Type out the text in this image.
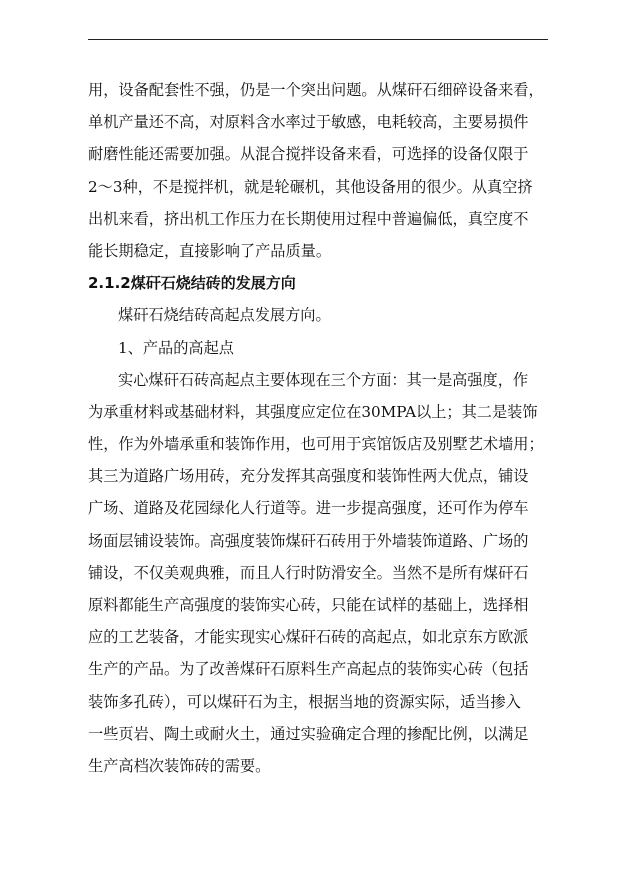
用，设备配套性不强，仍是一个突出问题。从煤矸石细碎设备来看，
单机产量还不高，对原料含水率过于敏感，电耗较高，主要易损件
耐磨性能还需要加强。从混合搅拌设备来看，可选择的设备仅限于
2～3种，不是搅拌机，就是轮碾机，其他设备用的很少。从真空挤
出机来看，挤出机工作压力在长期使用过程中普遍偏低，真空度不
能长期稳定，直接影响了产品质量。
2.1.2煤矸石烧结砖的发展方向
煤矸石烧结砖高起点发展方向。
1、产品的高起点
实心煤矸石砖高起点主要体现在三个方面：其一是高强度，作
为承重材料或基础材料，其强度应定位在30MPA以上；其二是装饰
性，作为外墙承重和装饰作用，也可用于宾馆饭店及别墅艺术墙用；
其三为道路广场用砖，充分发挥其高强度和装饰性两大优点，铺设
广场、道路及花园绿化人行道等。进一步提高强度，还可作为停车
场面层铺设装饰。高强度装饰煤矸石砖用于外墙装饰道路、广场的
铺设，不仅美观典雅，而且人行时防滑安全。当然不是所有煤矸石
原料都能生产高强度的装饰实心砖，只能在试样的基础上，选择相
应的工艺装备，才能实现实心煤矸石砖的高起点，如北京东方欧派
生产的产品。为了改善煤矸石原料生产高起点的装饰实心砖（包括
装饰多孔砖），可以煤矸石为主，根据当地的资源实际，适当掺入
一些页岩、陶土或耐火土，通过实验确定合理的掺配比例，以满足
生产高档次装饰砖的需要。
